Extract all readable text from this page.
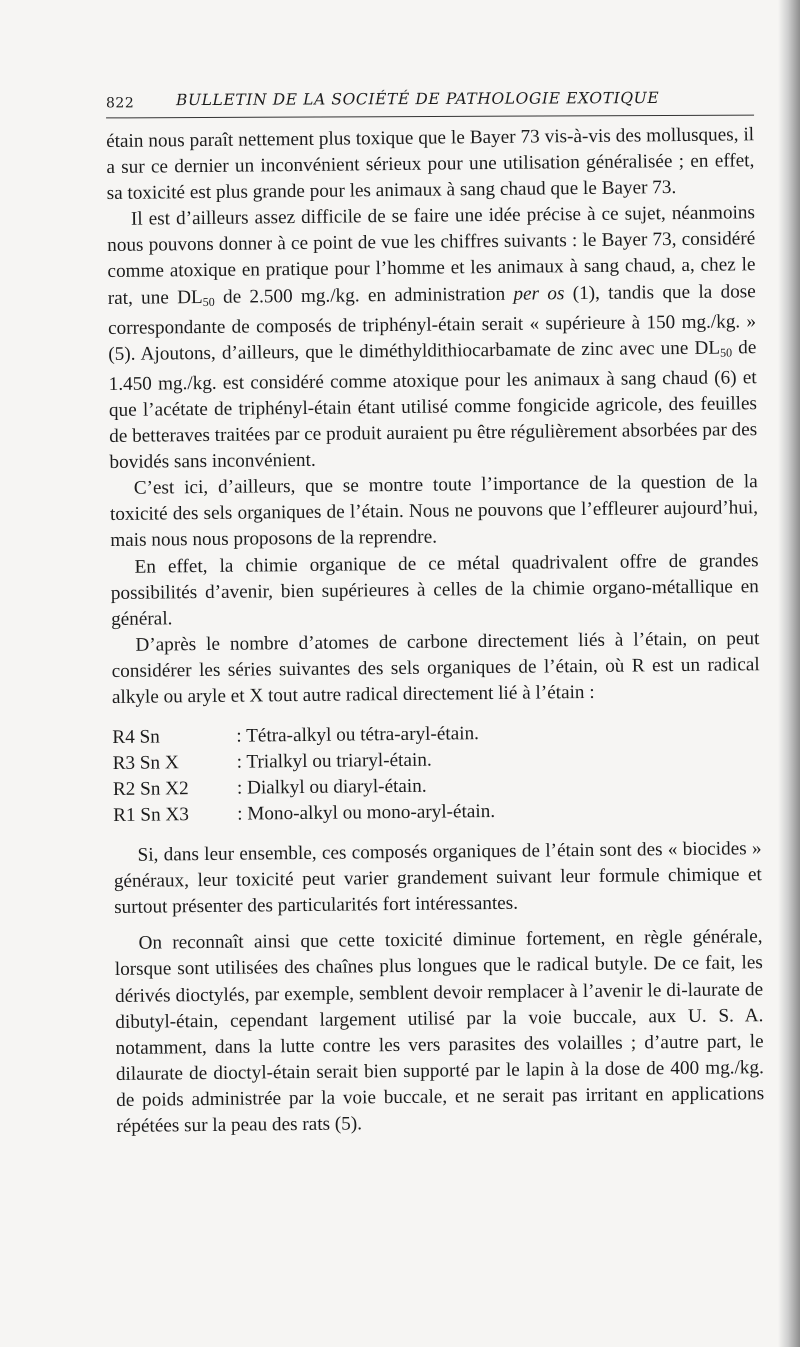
822	BULLETIN DE LA SOCIÉTÉ DE PATHOLOGIE EXOTIQUE

étain nous paraît nettement plus toxique que le Bayer 73 vis-à-vis des mollusques, il a sur ce dernier un inconvénient sérieux pour une utilisation généralisée ; en effet, sa toxicité est plus grande pour les animaux à sang chaud que le Bayer 73.

Il est d’ailleurs assez difficile de se faire une idée précise à ce sujet, néanmoins nous pouvons donner à ce point de vue les chiffres suivants : le Bayer 73, considéré comme atoxique en pratique pour l’homme et les animaux à sang chaud, a, chez le rat, une $DL_{50}$ de 2.500 mg./kg. en administration per os (1), tandis que la dose correspondante de composés de triphényl-étain serait « supérieure à 150 mg./kg. » (5). Ajoutons, d’ailleurs, que le diméthyldithiocarbamate de zinc avec une $DL_{50}$ de 1.450 mg./kg. est considéré comme atoxique pour les animaux à sang chaud (6) et que l’acétate de triphényl-étain étant utilisé comme fongicide agricole, des feuilles de betteraves traitées par ce produit auraient pu être régulièrement absorbées par des bovidés sans inconvénient.

C’est ici, d’ailleurs, que se montre toute l’importance de la question de la toxicité des sels organiques de l’étain. Nous ne pouvons que l’effleurer aujourd’hui, mais nous nous proposons de la reprendre.

En effet, la chimie organique de ce métal quadrivalent offre de grandes possibilités d’avenir, bien supérieures à celles de la chimie organo-métallique en général.

D’après le nombre d’atomes de carbone directement liés à l’étain, on peut considérer les séries suivantes des sels organiques de l’étain, où R est un radical alkyle ou aryle et X tout autre radical directement lié à l’étain :

R4 Sn	: Tétra-alkyl ou tétra-aryl-étain.
R3 Sn X	: Trialkyl ou triaryl-étain.
R2 Sn X2	: Dialkyl ou diaryl-étain.
R1 Sn X3	: Mono-alkyl ou mono-aryl-étain.

Si, dans leur ensemble, ces composés organiques de l’étain sont des « biocides » généraux, leur toxicité peut varier grandement suivant leur formule chimique et surtout présenter des particularités fort intéressantes.

On reconnaît ainsi que cette toxicité diminue fortement, en règle générale, lorsque sont utilisées des chaînes plus longues que le radical butyle. De ce fait, les dérivés dioctylés, par exemple, semblent devoir remplacer à l’avenir le di-laurate de dibutyl-étain, cependant largement utilisé par la voie buccale, aux U. S. A. notamment, dans la lutte contre les vers parasites des volailles ; d’autre part, le dilaurate de dioctyl-étain serait bien supporté par le lapin à la dose de 400 mg./kg. de poids administrée par la voie buccale, et ne serait pas irritant en applications répétées sur la peau des rats (5).
